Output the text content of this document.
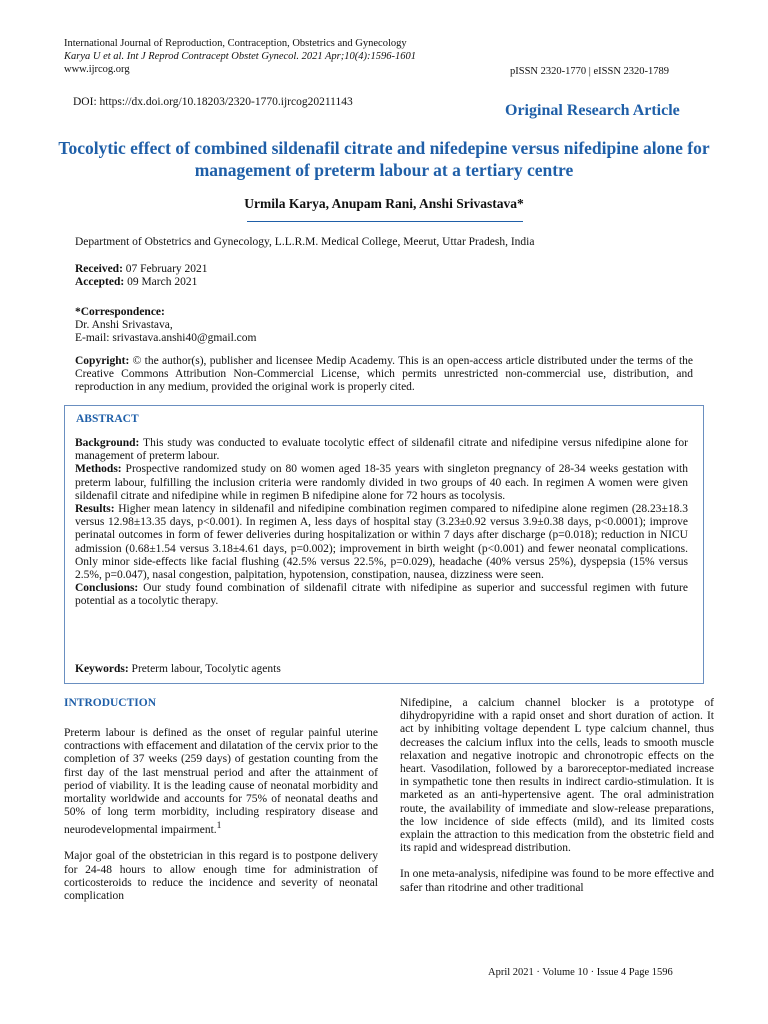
International Journal of Reproduction, Contraception, Obstetrics and Gynecology
Karya U et al. Int J Reprod Contracept Obstet Gynecol. 2021 Apr;10(4):1596-1601
www.ijrcog.org	pISSN 2320-1770 | eISSN 2320-1789
DOI: https://dx.doi.org/10.18203/2320-1770.ijrcog20211143	Original Research Article
Tocolytic effect of combined sildenafil citrate and nifedepine versus nifedipine alone for management of preterm labour at a tertiary centre
Urmila Karya, Anupam Rani, Anshi Srivastava*
Department of Obstetrics and Gynecology, L.L.R.M. Medical College, Meerut, Uttar Pradesh, India
Received: 07 February 2021
Accepted: 09 March 2021
*Correspondence:
Dr. Anshi Srivastava,
E-mail: srivastava.anshi40@gmail.com
Copyright: © the author(s), publisher and licensee Medip Academy. This is an open-access article distributed under the terms of the Creative Commons Attribution Non-Commercial License, which permits unrestricted non-commercial use, distribution, and reproduction in any medium, provided the original work is properly cited.
ABSTRACT

Background: This study was conducted to evaluate tocolytic effect of sildenafil citrate and nifedipine versus nifedipine alone for management of preterm labour.

Methods: Prospective randomized study on 80 women aged 18-35 years with singleton pregnancy of 28-34 weeks gestation with preterm labour, fulfilling the inclusion criteria were randomly divided in two groups of 40 each. In regimen A women were given sildenafil citrate and nifedipine while in regimen B nifedipine alone for 72 hours as tocolysis.

Results: Higher mean latency in sildenafil and nifedipine combination regimen compared to nifedipine alone regimen (28.23±18.3 versus 12.98±13.35 days, p<0.001). In regimen A, less days of hospital stay (3.23±0.92 versus 3.9±0.38 days, p<0.0001); improve perinatal outcomes in form of fewer deliveries during hospitalization or within 7 days after discharge (p=0.018); reduction in NICU admission (0.68±1.54 versus 3.18±4.61 days, p=0.002); improvement in birth weight (p<0.001) and fewer neonatal complications. Only minor side-effects like facial flushing (42.5% versus 22.5%, p=0.029), headache (40% versus 25%), dyspepsia (15% versus 2.5%, p=0.047), nasal congestion, palpitation, hypotension, constipation, nausea, dizziness were seen.

Conclusions: Our study found combination of sildenafil citrate with nifedipine as superior and successful regimen with future potential as a tocolytic therapy.

Keywords: Preterm labour, Tocolytic agents
INTRODUCTION

Preterm labour is defined as the onset of regular painful uterine contractions with effacement and dilatation of the cervix prior to the completion of 37 weeks (259 days) of gestation counting from the first day of the last menstrual period and after the attainment of period of viability. It is the leading cause of neonatal morbidity and mortality worldwide and accounts for 75% of neonatal deaths and 50% of long term morbidity, including respiratory disease and neurodevelopmental impairment.$^1$

Major goal of the obstetrician in this regard is to postpone delivery for 24-48 hours to allow enough time for administration of corticosteroids to reduce the incidence and severity of neonatal complication

Nifedipine, a calcium channel blocker is a prototype of dihydropyridine with a rapid onset and short duration of action. It act by inhibiting voltage dependent L type calcium channel, thus decreases the calcium influx into the cells, leads to smooth muscle relaxation and negative inotropic and chronotropic effects on the heart. Vasodilation, followed by a baroreceptor-mediated increase in sympathetic tone then results in indirect cardio-stimulation. It is marketed as an anti-hypertensive agent. The oral administration route, the availability of immediate and slow-release preparations, the low incidence of side effects (mild), and its limited costs explain the attraction to this medication from the obstetric field and its rapid and widespread distribution.

In one meta-analysis, nifedipine was found to be more effective and safer than ritodrine and other traditional

April 2021 · Volume 10 · Issue 4 Page 1596
